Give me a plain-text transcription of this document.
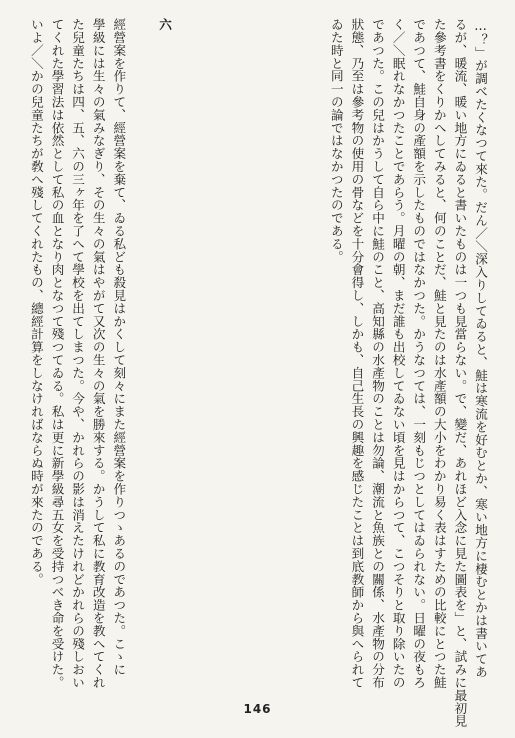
…？」が調べたくなつて來た。だん／＼深入りしてゐると、鮭は寒流を好むとか、寒い地方に棲むとかは書いてあ
るが、暖流、暖い地方にゐると書いたものは一つも見當らない。で、變だ、あれほど入念に見た圖表を」と、試みに最初見
た參考書をくりかへしてみると、何のことだ、鮭と見たのは水產額の大小をわかり易く表はすための比較にとつた鮭
であつて、鮭自身の產額を示したものではなかつた。かうなつては、一刻もじつとしてはゐられない。日曜の夜もろ
く／＼眠れなかつたことであらう。月曜の朝、まだ誰も出校してゐない頃を見はからつて、こつそりと取り除いたの
であつた。この兒はかうして自ら中に鮭のこと、高知縣の水產物のことは勿論、潮流と魚族との關係、水產物の分布
狀態、乃至は參考物の使用の骨などを十分會得し、しかも、自己生長の興趣を感じたことは到底教師から與へられて
ゐた時と同一の論ではなかつたのである。
六
經營案を作りて、經營案を棄て、ゐる私ども殺見はかくして刻々にまた經營案を作りつゝあるのであつた。こゝに
學級には生々の氣みなぎり、その生々の氣はやがて又次の生々の氣を勝來する。かうして私に教育改造を教へてくれ
た兒童たちは四、五、六の三ヶ年を了へて學校を出てしまつた。今や、かれらの影は消えたけれどかれらの殘しおい
てくれた學習法は依然として私の血となり肉となつて殘つてゐる。私は更に新學級尋五女を受持つべき命を受けた。
いよ／＼かの兒童たちが敎へ殘してくれたもの、總經計算をしなければならぬ時が來たのである。
146
